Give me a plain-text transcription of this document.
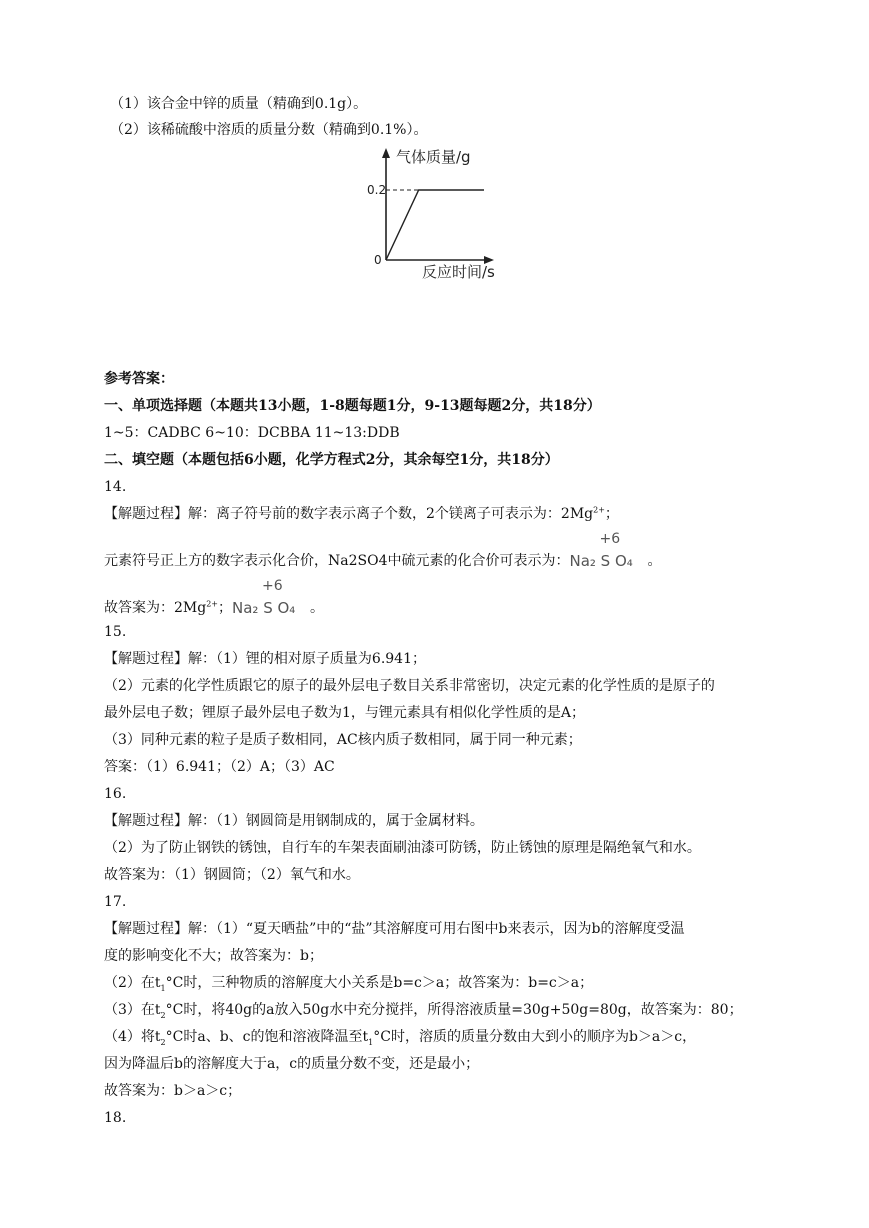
（1）该合金中锌的质量（精确到0.1g）。
（2）该稀硫酸中溶质的质量分数（精确到0.1%）。
气体质量/g
0.2
0
反应时间/s
参考答案：
一、单项选择题（本题共13小题，1-8题每题1分，9-13题每题2分，共18分）
1~5：CADBC 6~10：DCBBA 11~13:DDB
二、填空题（本题包括6小题，化学方程式2分，其余每空1分，共18分）
14.
【解题过程】解：离子符号前的数字表示离子个数，2个镁离子可表示为：$2Mg^{2+}$；
元素符号正上方的数字表示化合价，Na2SO4中硫元素的化合价可表示为：
+6
Na₂ S O₄ 。
故答案为：$2Mg^{2+}$；
+6
Na₂ S O₄ 。
15.
【解题过程】解：（1）锂的相对原子质量为6.941；
（2）元素的化学性质跟它的原子的最外层电子数目关系非常密切，决定元素的化学性质的是原子的
最外层电子数；锂原子最外层电子数为1，与锂元素具有相似化学性质的是A；
（3）同种元素的粒子是质子数相同，AC核内质子数相同，属于同一种元素；
答案：（1）6.941；（2）A；（3）AC
16.
【解题过程】解：（1）钢圆筒是用钢制成的，属于金属材料。
（2）为了防止钢铁的锈蚀，自行车的车架表面刷油漆可防锈，防止锈蚀的原理是隔绝氧气和水。
故答案为：（1）钢圆筒；（2）氧气和水。
17.
【解题过程】解：（1）“夏天晒盐”中的“盐”其溶解度可用右图中b来表示，因为b的溶解度受温
度的影响变化不大；故答案为：b；
（2）在$t_1^\circ C$时，三种物质的溶解度大小关系是b=c＞a；故答案为：b=c＞a；
（3）在$t_2^\circ C$时，将40g的a放入50g水中充分搅拌，所得溶液质量=30g+50g=80g，故答案为：80；
（4）将$t_2^\circ C$时a、b、c的饱和溶液降温至$t_1^\circ C$时，溶质的质量分数由大到小的顺序为b＞a＞c，
因为降温后b的溶解度大于a，c的质量分数不变，还是最小；
故答案为：b＞a＞c；
18.
